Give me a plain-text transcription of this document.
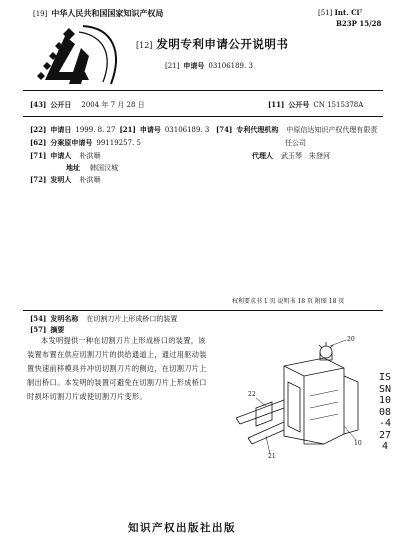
[19] 中华人民共和国国家知识产权局	[51] Int. Cl⁷
B23P 15/28
[12] 发明专利申请公开说明书
[21] 申请号 03106189. 3
[43] 公开日 2004 年 7 月 28 日	[11] 公开号 CN 1515378A
[22] 申请日 1999. 8. 27 [21] 申请号 03106189. 3
[62] 分案原申请号 99119257. 5
[71] 申请人 朴洪顺
地址 韩国汉城
[72] 发明人 朴洪顺
[74] 专利代理机构 中原信达知识产权代理有限责
任公司
代理人 武玉琴　朱登河
权利要求书 1 页 说明书 18 页 附图 18 页
[54] 发明名称 在切割刀片上形成桥口的装置
[57] 摘要
本发明提供一种在切割刀片上形成桥口的装置，该装置布置在供应切割刀片的供给通道上，通过用驱动装置快速前移模具并冲切切割刀片的侧边，在切割刀片上制出桥口。本发明的装置可避免在切割刀片上形成桥口时损坏切割刀片或使切割刀片变形。
20
22
21
10
ISSN1008-4274
知识产权出版社出版
